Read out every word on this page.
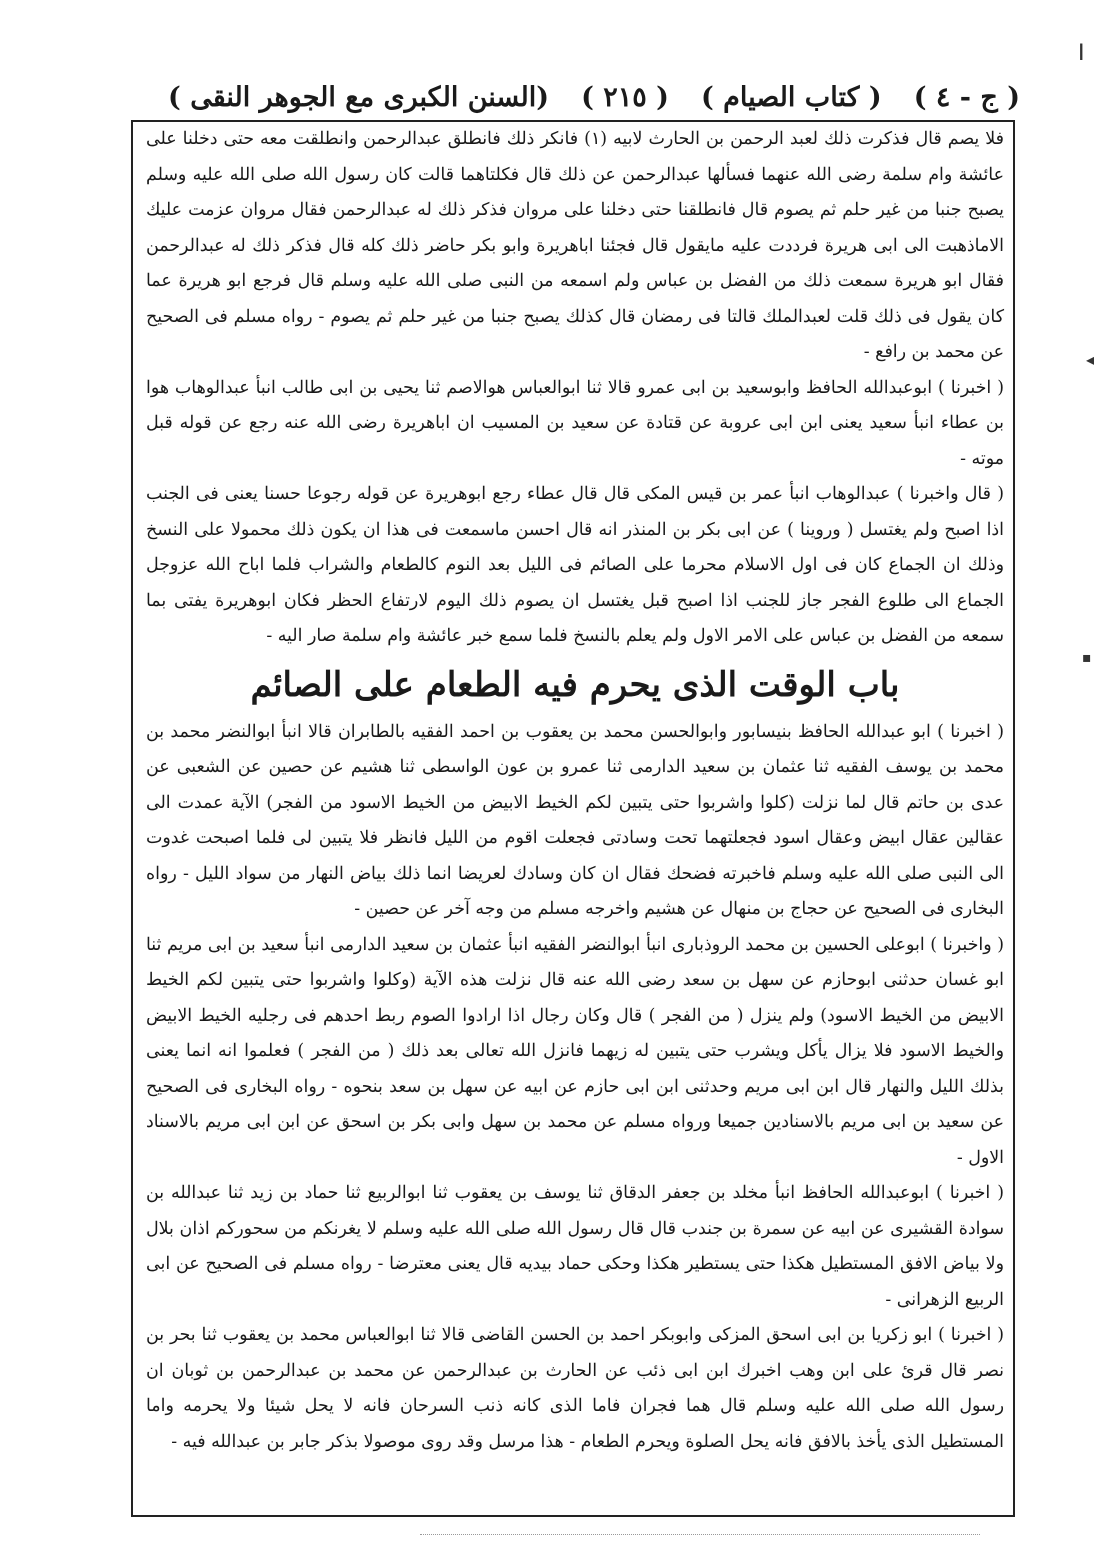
(السنن الكبرى مع الجوهر النقى ) ( ٢١٥ ) ( كتاب الصيام ) ( ج - ٤ )
ǀ
◂
▪

فلا يصم قال فذكرت ذلك لعبد الرحمن بن الحارث لابيه (١) فانكر ذلك فانطلق عبدالرحمن وانطلقت معه حتى دخلنا على عائشة وام سلمة رضى الله عنهما فسألها عبدالرحمن عن ذلك قال فكلتاهما قالت كان رسول الله صلى الله عليه وسلم يصبح جنبا من غير حلم ثم يصوم قال فانطلقنا حتى دخلنا على مروان فذكر ذلك له عبدالرحمن فقال مروان عزمت عليك الاماذهبت الى ابى هريرة فرددت عليه مايقول قال فجئنا اباهريرة وابو بكر حاضر ذلك كله قال فذكر ذلك له عبدالرحمن فقال ابو هريرة سمعت ذلك من الفضل بن عباس ولم اسمعه من النبى صلى الله عليه وسلم قال فرجع ابو هريرة عما كان يقول فى ذلك قلت لعبدالملك قالتا فى رمضان قال كذلك يصبح جنبا من غير حلم ثم يصوم - رواه مسلم فى الصحيح عن محمد بن رافع -

( اخبرنا ) ابوعبدالله الحافظ وابوسعيد بن ابى عمرو قالا ثنا ابوالعباس هوالاصم ثنا يحيى بن ابى طالب انبأ عبدالوهاب هوا بن عطاء انبأ سعيد يعنى ابن ابى عروبة عن قتادة عن سعيد بن المسيب ان اباهريرة رضى الله عنه رجع عن قوله قبل موته -

( قال واخبرنا ) عبدالوهاب انبأ عمر بن قيس المكى قال قال عطاء رجع ابوهريرة عن قوله رجوعا حسنا يعنى فى الجنب اذا اصبح ولم يغتسل ( وروينا ) عن ابى بكر بن المنذر انه قال احسن ماسمعت فى هذا ان يكون ذلك محمولا على النسخ وذلك ان الجماع كان فى اول الاسلام محرما على الصائم فى الليل بعد النوم كالطعام والشراب فلما اباح الله عزوجل الجماع الى طلوع الفجر جاز للجنب اذا اصبح قبل يغتسل ان يصوم ذلك اليوم لارتفاع الحظر فكان ابوهريرة يفتى بما سمعه من الفضل بن عباس على الامر الاول ولم يعلم بالنسخ فلما سمع خبر عائشة وام سلمة صار اليه -

باب الوقت الذى يحرم فيه الطعام على الصائم

( اخبرنا ) ابو عبدالله الحافظ بنيسابور وابوالحسن محمد بن يعقوب بن احمد الفقيه بالطابران قالا انبأ ابوالنضر محمد بن محمد بن يوسف الفقيه ثنا عثمان بن سعيد الدارمى ثنا عمرو بن عون الواسطى ثنا هشيم عن حصين عن الشعبى عن عدى بن حاتم قال لما نزلت (كلوا واشربوا حتى يتبين لكم الخيط الابيض من الخيط الاسود من الفجر) الآية عمدت الى عقالين عقال ابيض وعقال اسود فجعلتهما تحت وسادتى فجعلت اقوم من الليل فانظر فلا يتبين لى فلما اصبحت غدوت الى النبى صلى الله عليه وسلم فاخبرته فضحك فقال ان كان وسادك لعريضا انما ذلك بياض النهار من سواد الليل - رواه البخارى فى الصحيح عن حجاج بن منهال عن هشيم واخرجه مسلم من وجه آخر عن حصين -

( واخبرنا ) ابوعلى الحسين بن محمد الروذبارى انبأ ابوالنضر الفقيه انبأ عثمان بن سعيد الدارمى انبأ سعيد بن ابى مريم ثنا ابو غسان حدثنى ابوحازم عن سهل بن سعد رضى الله عنه قال نزلت هذه الآية (وكلوا واشربوا حتى يتبين لكم الخيط الابيض من الخيط الاسود) ولم ينزل ( من الفجر ) قال وكان رجال اذا ارادوا الصوم ربط احدهم فى رجليه الخيط الابيض والخيط الاسود فلا يزال يأكل ويشرب حتى يتبين له زيهما فانزل الله تعالى بعد ذلك ( من الفجر ) فعلموا انه انما يعنى بذلك الليل والنهار قال ابن ابى مريم وحدثنى ابن ابى حازم عن ابيه عن سهل بن سعد بنحوه - رواه البخارى فى الصحيح عن سعيد بن ابى مريم بالاسنادين جميعا ورواه مسلم عن محمد بن سهل وابى بكر بن اسحق عن ابن ابى مريم بالاسناد الاول -

( اخبرنا ) ابوعبدالله الحافظ انبأ مخلد بن جعفر الدقاق ثنا يوسف بن يعقوب ثنا ابوالربيع ثنا حماد بن زيد ثنا عبدالله بن سوادة القشيرى عن ابيه عن سمرة بن جندب قال قال رسول الله صلى الله عليه وسلم لا يغرنكم من سحوركم اذان بلال ولا بياض الافق المستطيل هكذا حتى يستطير هكذا وحكى حماد بيديه قال يعنى معترضا - رواه مسلم فى الصحيح عن ابى الربيع الزهرانى -

( اخبرنا ) ابو زكريا بن ابى اسحق المزكى وابوبكر احمد بن الحسن القاضى قالا ثنا ابوالعباس محمد بن يعقوب ثنا بحر بن نصر قال قرئ على ابن وهب اخبرك ابن ابى ذئب عن الحارث بن عبدالرحمن عن محمد بن عبدالرحمن بن ثوبان ان رسول الله صلى الله عليه وسلم قال هما فجران فاما الذى كانه ذنب السرحان فانه لا يحل شيئا ولا يحرمه واما المستطيل الذى يأخذ بالافق فانه يحل الصلوة ويحرم الطعام - هذا مرسل وقد روى موصولا بذكر جابر بن عبدالله فيه -
